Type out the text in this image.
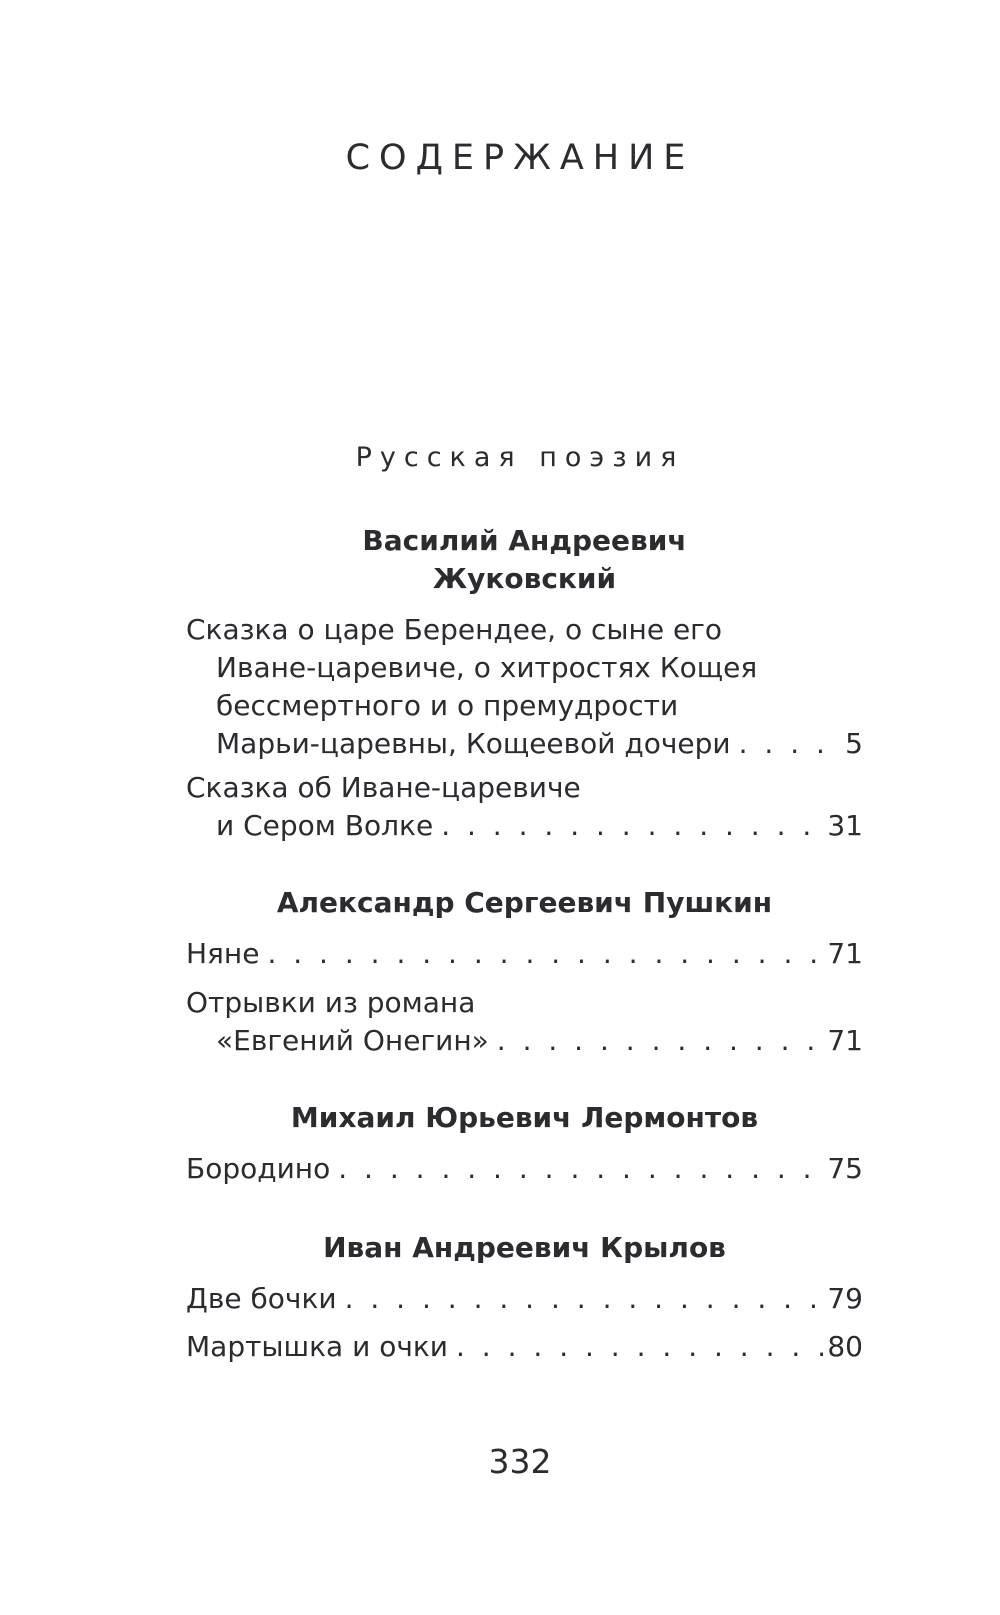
СОДЕРЖАНИЕ
Русская поэзия
Василий Андреевич
Жуковский
Сказка о царе Берендее, о сыне его
Иване-царевиче, о хитростях Кощея
бессмертного и о премудрости
Марьи-царевны, Кощеевой дочери . . .	5
Сказка об Иване-царевиче
и Сером Волке . . .	31
Александр Сергеевич Пушкин
Няне . . .	71
Отрывки из романа
«Евгений Онегин» . . .	71
Михаил Юрьевич Лермонтов
Бородино . . .	75
Иван Андреевич Крылов
Две бочки . . .	79
Мартышка и очки . . .	80
332
